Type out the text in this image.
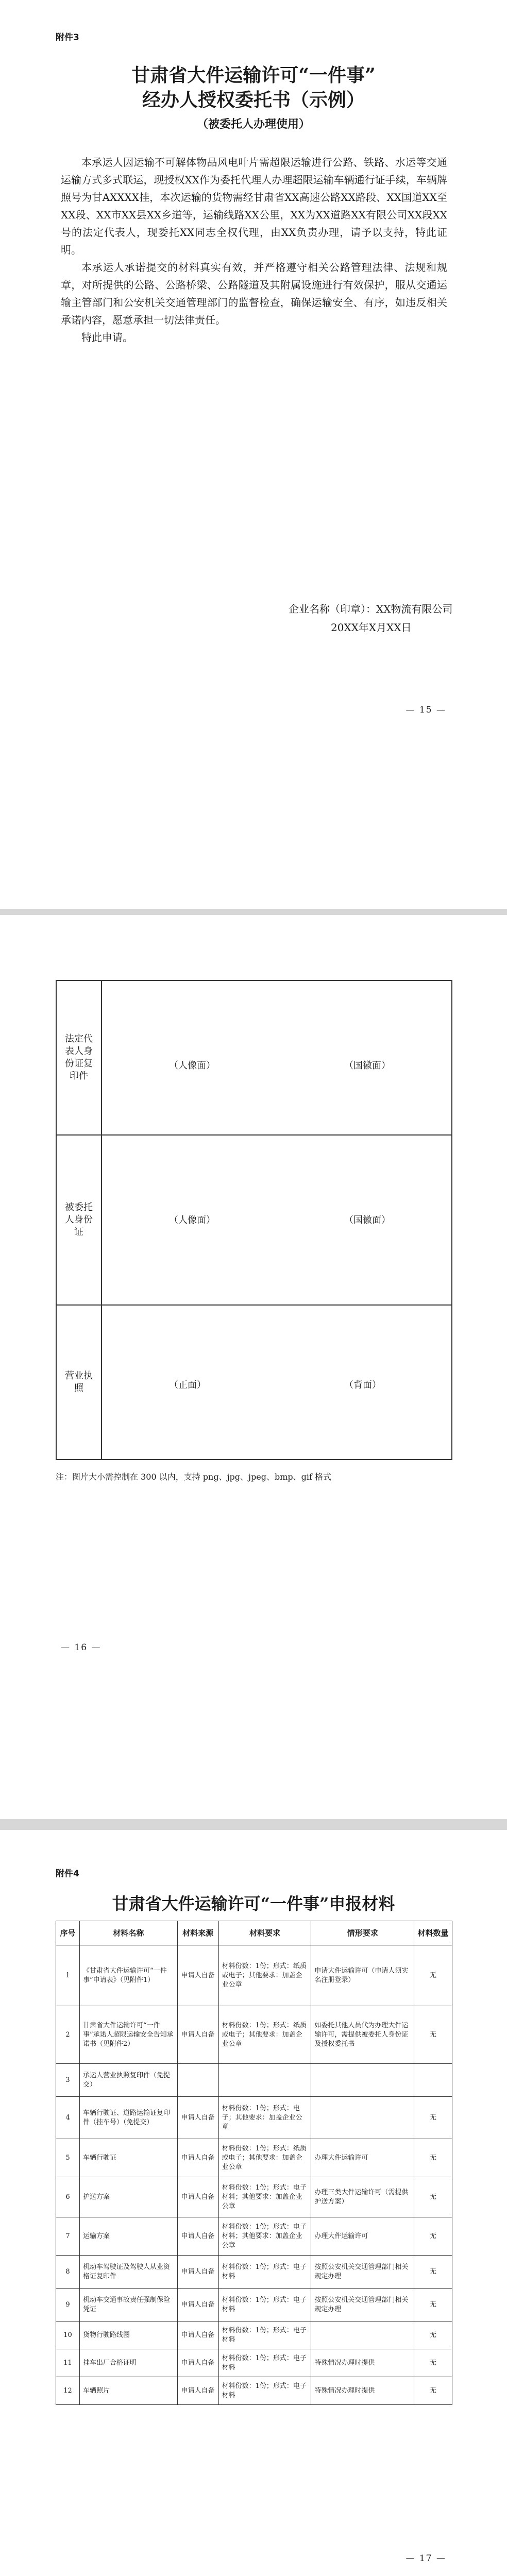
附件3
甘肃省大件运输许可“一件事”
经办人授权委托书（示例）
（被委托人办理使用）

本承运人因运输不可解体物品风电叶片需超限运输进行公路、铁路、水运等交通运输方式多式联运，现授权XX作为委托代理人办理超限运输车辆通行证手续，车辆牌照号为甘AXXXX挂，本次运输的货物需经甘肃省XX高速公路XX路段、XX国道XX至XX段、XX市XX县XX乡道等，运输线路XX公里，XX为XX道路XX有限公司XX段XX号的法定代表人，现委托XX同志全权代理，由XX负责办理，请予以支持，特此证明。

本承运人承诺提交的材料真实有效，并严格遵守相关公路管理法律、法规和规章，对所提供的公路、公路桥梁、公路隧道及其附属设施进行有效保护，服从交通运输主管部门和公安机关交通管理部门的监督检查，确保运输安全、有序，如违反相关承诺内容，愿意承担一切法律责任。

特此申请。

企业名称（印章）：XX物流有限公司
20XX年X月XX日
— 15 —
法定代表人身份证复印件	（人像面） （国徽面）

被委托人身份证	（人像面） （国徽面）

营业执照	（正面） （背面）
注：图片大小需控制在 300 以内，支持 png、jpg、jpeg、bmp、gif 格式
— 16 —
附件4
甘肃省大件运输许可“一件事”申报材料
序号	材料名称	材料来源	材料要求	情形要求	材料数量
1	《甘肃省大件运输许可“一件事”申请表》（见附件1）	申请人自备	材料份数：1份；形式：纸质或电子；其他要求：加盖企业公章	申请大件运输许可（申请人须实名注册登录）	无
2	甘肃省大件运输许可“一件事”承诺人超限运输安全告知承诺书（见附件2）	申请人自备	材料份数：1份；形式：纸质或电子；其他要求：加盖企业公章	如委托其他人员代为办理大件运输许可，需提供被委托人身份证及授权委托书	无
3	承运人营业执照复印件（免提交）				
4	车辆行驶证、道路运输证复印件（挂车号）（免提交）	申请人自备	材料份数：1份；形式：电子；其他要求：加盖企业公章		无
5	车辆行驶证	申请人自备	材料份数：1份；形式：纸质或电子；其他要求：加盖企业公章	办理大件运输许可	无
6	护送方案	申请人自备	材料份数：1份；形式：电子材料；其他要求：加盖企业公章	办理三类大件运输许可（需提供护送方案）	无
7	运输方案	申请人自备	材料份数：1份；形式：电子材料；其他要求：加盖企业公章	办理大件运输许可	无
8	机动车驾驶证及驾驶人从业资格证复印件	申请人自备	材料份数：1份；形式：电子材料	按照公安机关交通管理部门相关规定办理	无
9	机动车交通事故责任强制保险凭证	申请人自备	材料份数：1份；形式：电子材料	按照公安机关交通管理部门相关规定办理	无
10	货物行驶路线图	申请人自备	材料份数：1份；形式：电子材料		无
11	挂车出厂合格证明	申请人自备	材料份数：1份；形式：电子材料	特殊情况办理时提供	无
12	车辆照片	申请人自备	材料份数：1份；形式：电子材料	特殊情况办理时提供	无
— 17 —
